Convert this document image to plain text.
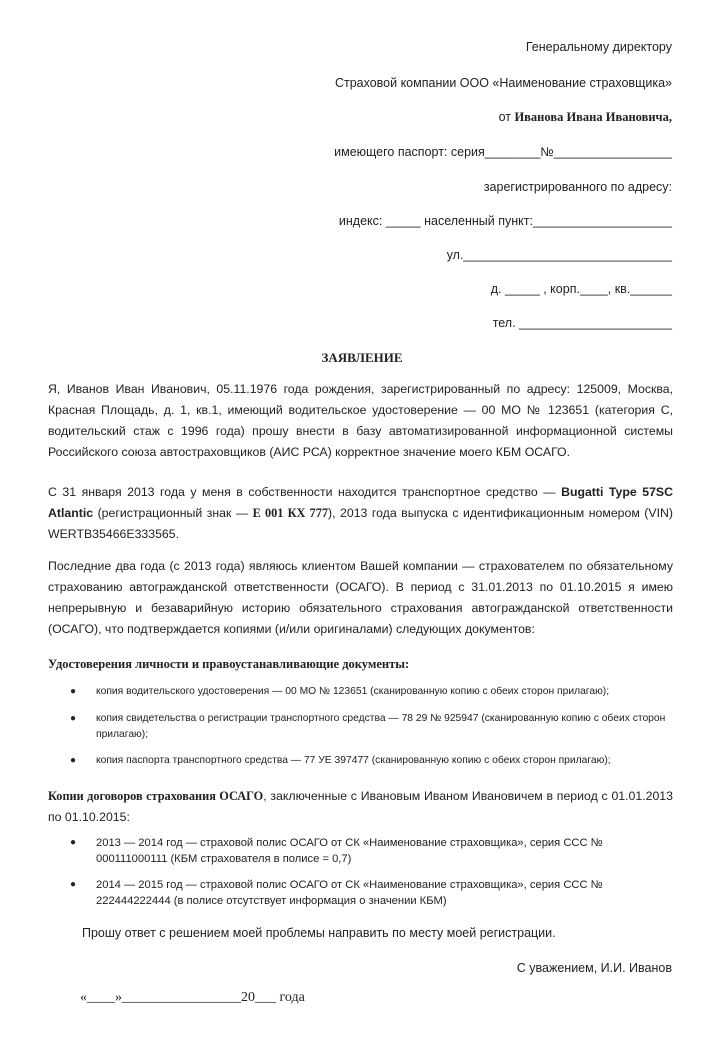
Генеральному директору
Страховой компании ООО «Наименование страховщика»
от Иванова Ивана Ивановича,
имеющего паспорт: серия________№_________________
зарегистрированного по адресу:
индекс: _____ населенный пункт:____________________
ул.______________________________
д. _____ , корп.____, кв.______
тел. ______________________
ЗАЯВЛЕНИЕ
Я, Иванов Иван Иванович, 05.11.1976 года рождения, зарегистрированный по адресу: 125009, Москва, Красная Площадь, д. 1, кв.1, имеющий водительское удостоверение — 00 МО № 123651 (категория С, водительский стаж с 1996 года) прошу внести в базу автоматизированной информационной системы Российского союза автостраховщиков (АИС РСА) корректное значение моего КБМ ОСАГО.
С 31 января 2013 года у меня в собственности находится транспортное средство — Bugatti Type 57SC Atlantic (регистрационный знак — Е 001 КХ 777), 2013 года выпуска с идентификационным номером (VIN) WERTB35466E333565.
Последние два года (с 2013 года) являюсь клиентом Вашей компании — страхователем по обязательному страхованию автогражданской ответственности (ОСАГО). В период с 31.01.2013 по 01.10.2015 я имею непрерывную и безаварийную историю обязательного страхования автогражданской ответственности (ОСАГО), что подтверждается копиями (и/или оригиналами) следующих документов:
Удостоверения личности и правоустанавливающие документы:
● копия водительского удостоверения — 00 МО № 123651 (сканированную копию с обеих сторон прилагаю);
● копия свидетельства о регистрации транспортного средства — 78 29 № 925947 (сканированную копию с обеих сторон прилагаю);
● копия паспорта транспортного средства — 77 УЕ 397477 (сканированную копию с обеих сторон прилагаю);
Копии договоров страхования ОСАГО, заключенные с Ивановым Иваном Ивановичем в период с 01.01.2013 по 01.10.2015:
● 2013 — 2014 год — страховой полис ОСАГО от СК «Наименование страховщика», серия ССС № 000111000111 (КБМ страхователя в полисе = 0,7)
● 2014 — 2015 год — страховой полис ОСАГО от СК «Наименование страховщика», серия ССС № 222444222444 (в полисе отсутствует информация о значении КБМ)
Прошу ответ с решением моей проблемы направить по месту моей регистрации.
С уважением, И.И. Иванов
«____»_________________20___ года
